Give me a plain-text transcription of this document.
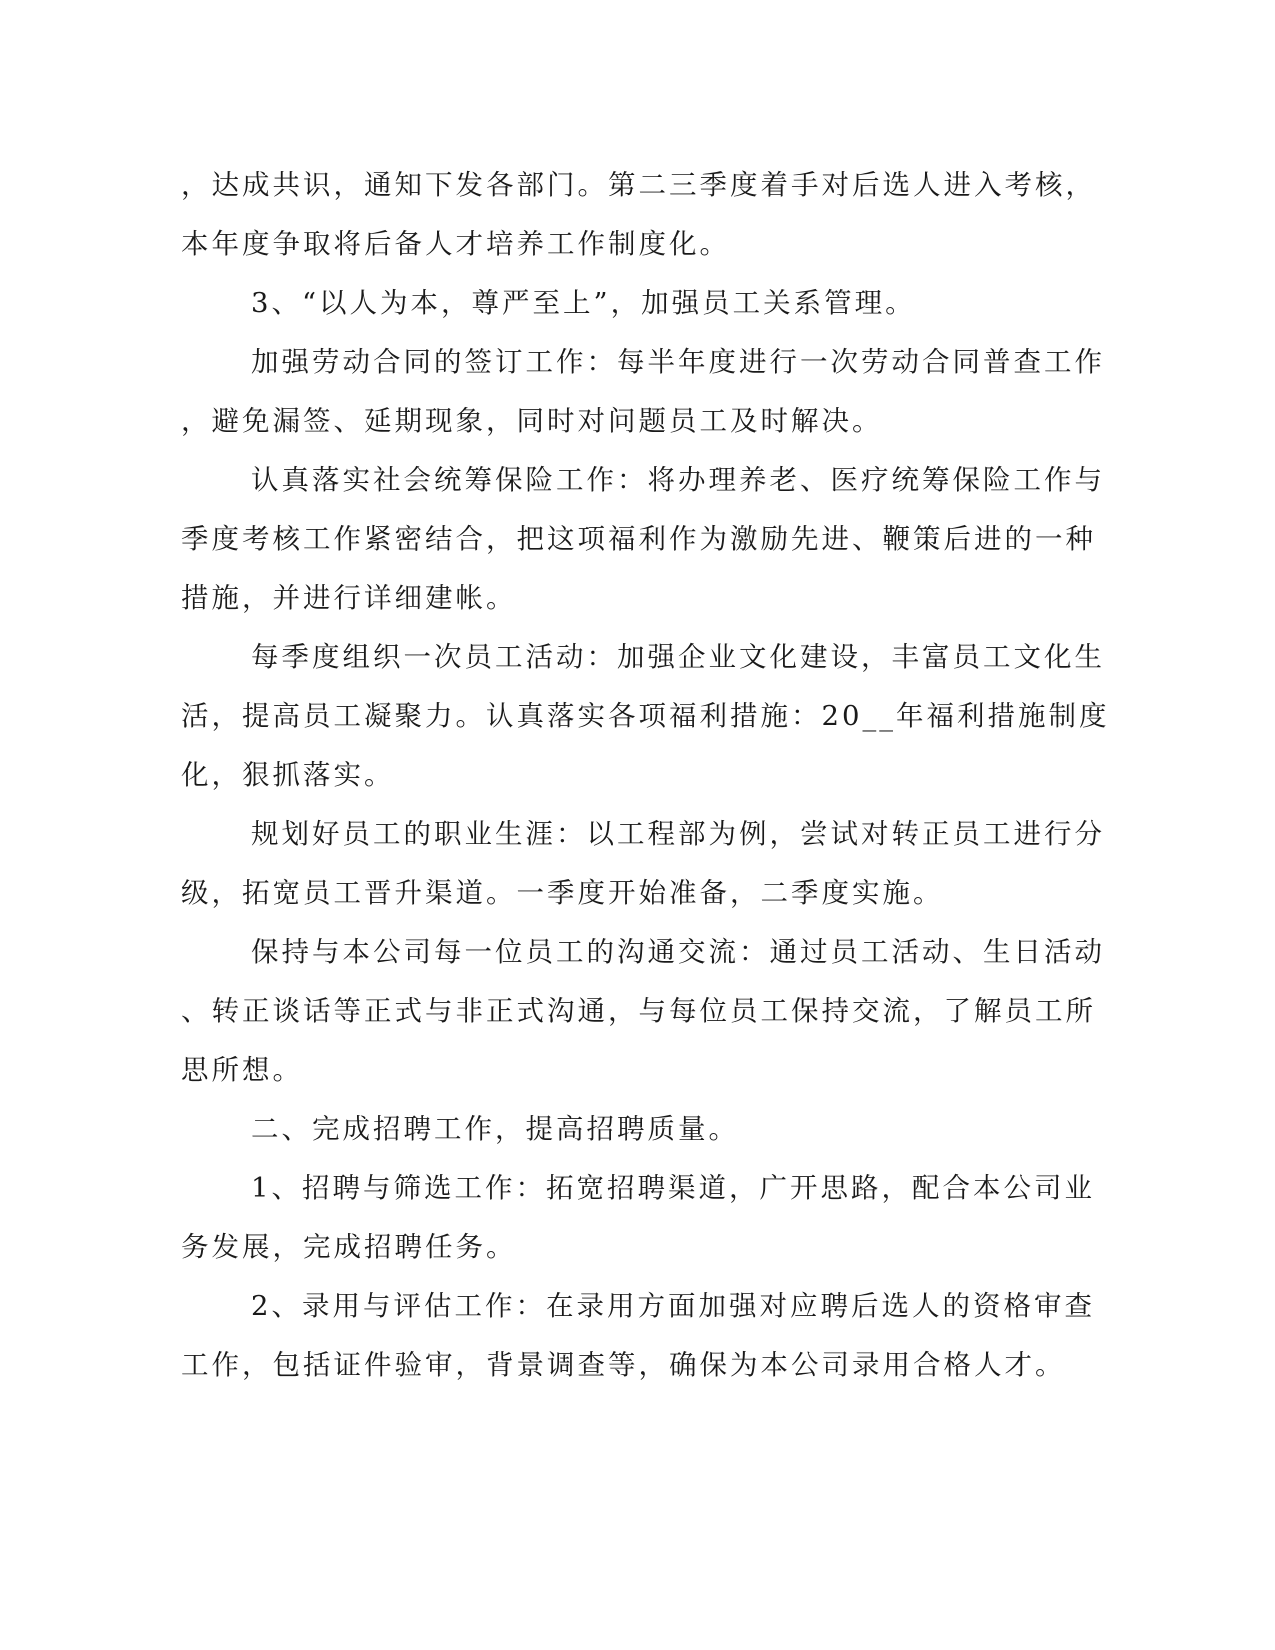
，达成共识，通知下发各部门。第二三季度着手对后选人进入考核，
本年度争取将后备人才培养工作制度化。
3、“以人为本，尊严至上”，加强员工关系管理。
加强劳动合同的签订工作：每半年度进行一次劳动合同普查工作
，避免漏签、延期现象，同时对问题员工及时解决。
认真落实社会统筹保险工作：将办理养老、医疗统筹保险工作与
季度考核工作紧密结合，把这项福利作为激励先进、鞭策后进的一种
措施，并进行详细建帐。
每季度组织一次员工活动：加强企业文化建设，丰富员工文化生
活，提高员工凝聚力。认真落实各项福利措施：20__年福利措施制度
化，狠抓落实。
规划好员工的职业生涯：以工程部为例，尝试对转正员工进行分
级，拓宽员工晋升渠道。一季度开始准备，二季度实施。
保持与本公司每一位员工的沟通交流：通过员工活动、生日活动
、转正谈话等正式与非正式沟通，与每位员工保持交流，了解员工所
思所想。
二、完成招聘工作，提高招聘质量。
1、招聘与筛选工作：拓宽招聘渠道，广开思路，配合本公司业
务发展，完成招聘任务。
2、录用与评估工作：在录用方面加强对应聘后选人的资格审查
工作，包括证件验审，背景调查等，确保为本公司录用合格人才。
